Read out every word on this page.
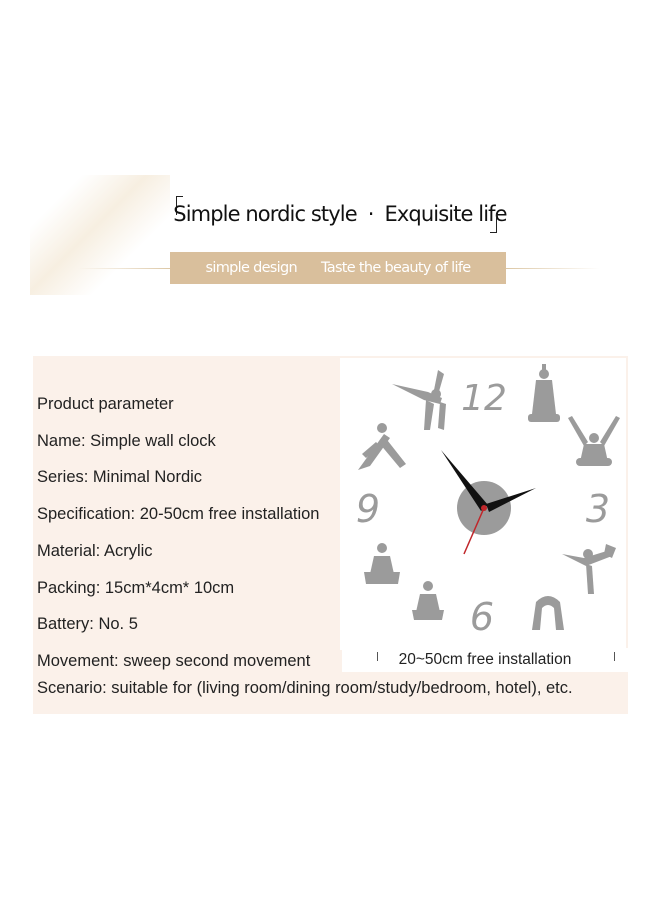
Simple nordic style · Exquisite life
simple design Taste the beauty of life
12
3
6
9
20~50cm free installation
Product parameter
Name: Simple wall clock
Series: Minimal Nordic
Specification: 20-50cm free installation
Material: Acrylic
Packing: 15cm*4cm* 10cm
Battery: No. 5
Movement: sweep second movement
Scenario: suitable for (living room/dining room/study/bedroom, hotel), etc.
